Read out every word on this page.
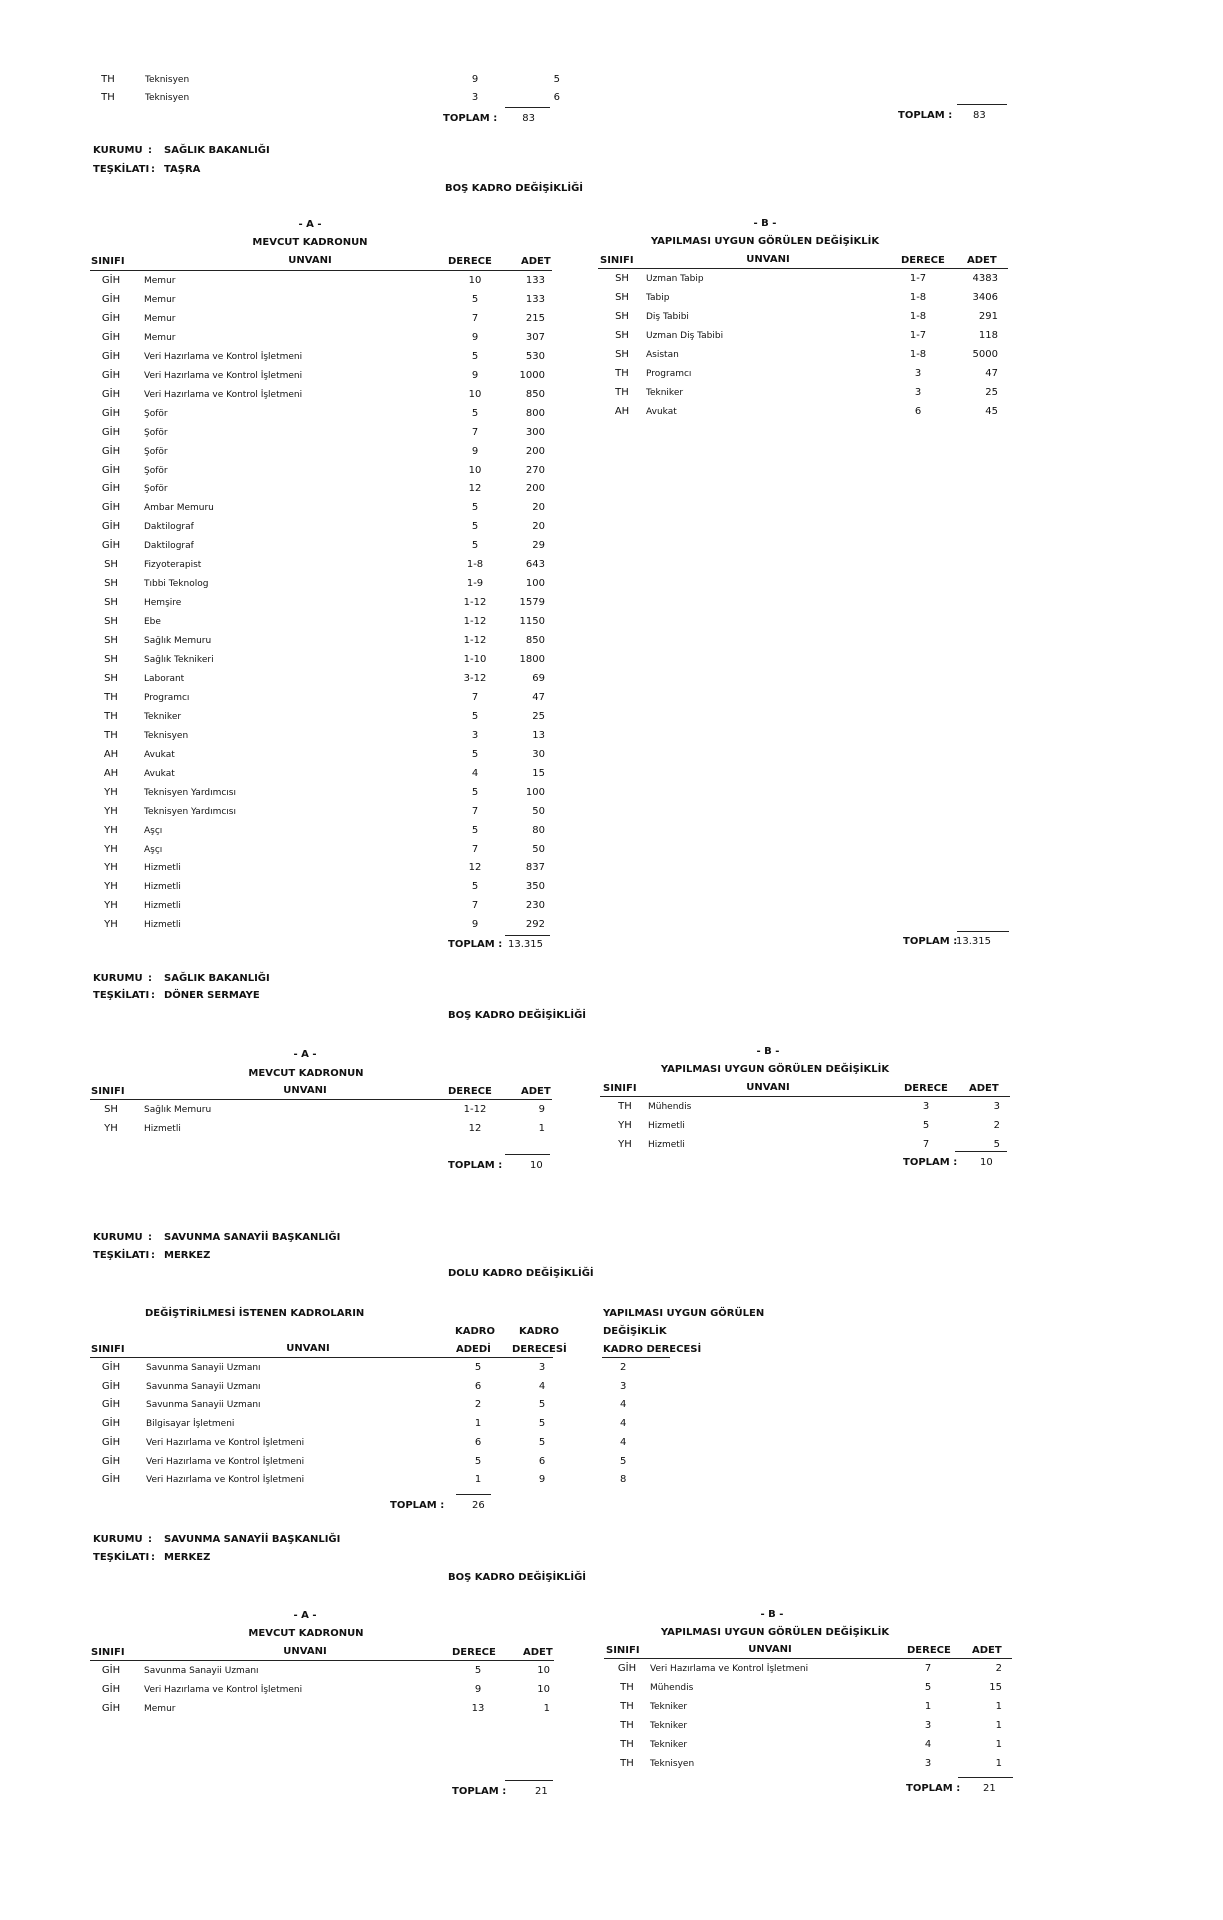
TH	Teknisyen	9	5
TH	Teknisyen	3	6
TOPLAM :	83	TOPLAM : 83
KURUMU : SAĞLIK BAKANLIĞI
TEŞKİLATI : TAŞRA
BOŞ KADRO DEĞİŞİKLİĞİ
- A -
MEVCUT KADRONUN
SINIFI	UNVANI	DERECE	ADET
- B -
YAPILMASI UYGUN GÖRÜLEN DEĞİŞİKLİK
SINIFI	UNVANI	DERECE ADET
GİH	Memur	10	133
GİH	Memur	5	133
GİH	Memur	7	215
GİH	Memur	9	307
GİH	Veri Hazırlama ve Kontrol İşletmeni	5	530
GİH	Veri Hazırlama ve Kontrol İşletmeni	9	1000
GİH	Veri Hazırlama ve Kontrol İşletmeni	10	850
GİH	Şoför	5	800
GİH	Şoför	7	300
GİH	Şoför	9	200
GİH	Şoför	10	270
GİH	Şoför	12	200
GİH	Ambar Memuru	5	20
GİH	Daktilograf	5	20
GİH	Daktilograf	5	29
SH	Fizyoterapist	1-8	643
SH	Tıbbi Teknolog	1-9	100
SH	Hemşire	1-12	1579
SH	Ebe	1-12	1150
SH	Sağlık Memuru	1-12	850
SH	Sağlık Teknikeri	1-10	1800
SH	Laborant	3-12	69
TH	Programcı	7	47
TH	Tekniker	5	25
TH	Teknisyen	3	13
AH	Avukat	5	30
AH	Avukat	4	15
YH	Teknisyen Yardımcısı	5	100
YH	Teknisyen Yardımcısı	7	50
YH	Aşçı	5	80
YH	Aşçı	7	50
YH	Hizmetli	12	837
YH	Hizmetli	5	350
YH	Hizmetli	7	230
YH	Hizmetli	9	292
SH	Uzman Tabip	1-7	4383
SH	Tabip	1-8	3406
SH	Diş Tabibi	1-8	291
SH	Uzman Diş Tabibi	1-7	118
SH	Asistan	1-8	5000
TH	Programcı	3	47
TH	Tekniker	3	25
AH	Avukat	6	45
TOPLAM : 13.315	TOPLAM :
13.315
KURUMU : SAĞLIK BAKANLIĞI
TEŞKİLATI : DÖNER SERMAYE
BOŞ KADRO DEĞİŞİKLİĞİ
- A -
MEVCUT KADRONUN
SINIFI	UNVANI	DERECE	ADET
- B -
YAPILMASI UYGUN GÖRÜLEN DEĞİŞİKLİK
SINIFI	UNVANI	DERECE ADET
SH	Sağlık Memuru	1-12	9
YH	Hizmetli	12	1
TH	Mühendis	3	3
YH	Hizmetli	5	2
YH	Hizmetli	7	5
TOPLAM :	10	TOPLAM : 10
KURUMU : SAVUNMA SANAYİİ BAŞKANLIĞI
TEŞKİLATI : MERKEZ
DOLU KADRO DEĞİŞİKLİĞİ
DEĞİŞTİRİLMESİ İSTENEN KADROLARIN	YAPILMASI UYGUN GÖRÜLEN
DEĞİŞİKLİK
KADRO KADRO
SINIFI	UNVANI	ADEDİ DERECESİ	KADRO DERECESİ
GİH	Savunma Sanayii Uzmanı	5	3	2
GİH	Savunma Sanayii Uzmanı	6	4	3
GİH	Savunma Sanayii Uzmanı	2	5	4
GİH	Bilgisayar İşletmeni	1	5	4
GİH	Veri Hazırlama ve Kontrol İşletmeni	6	5	4
GİH	Veri Hazırlama ve Kontrol İşletmeni	5	6	5
GİH	Veri Hazırlama ve Kontrol İşletmeni	1	9	8
TOPLAM :	26
KURUMU : SAVUNMA SANAYİİ BAŞKANLIĞI
TEŞKİLATI : MERKEZ
BOŞ KADRO DEĞİŞİKLİĞİ
- A -
MEVCUT KADRONUN
SINIFI	UNVANI	DERECE	ADET
- B -
YAPILMASI UYGUN GÖRÜLEN DEĞİŞİKLİK
SINIFI	UNVANI	DERECE ADET
GİH	Savunma Sanayii Uzmanı	5	10
GİH	Veri Hazırlama ve Kontrol İşletmeni	9	10
GİH	Memur	13	1
GİH	Veri Hazırlama ve Kontrol İşletmeni	7	2
TH	Mühendis	5	15
TH	Tekniker	1	1
TH	Tekniker	3	1
TH	Tekniker	4	1
TH	Teknisyen	3	1
TOPLAM :	21	TOPLAM : 21
